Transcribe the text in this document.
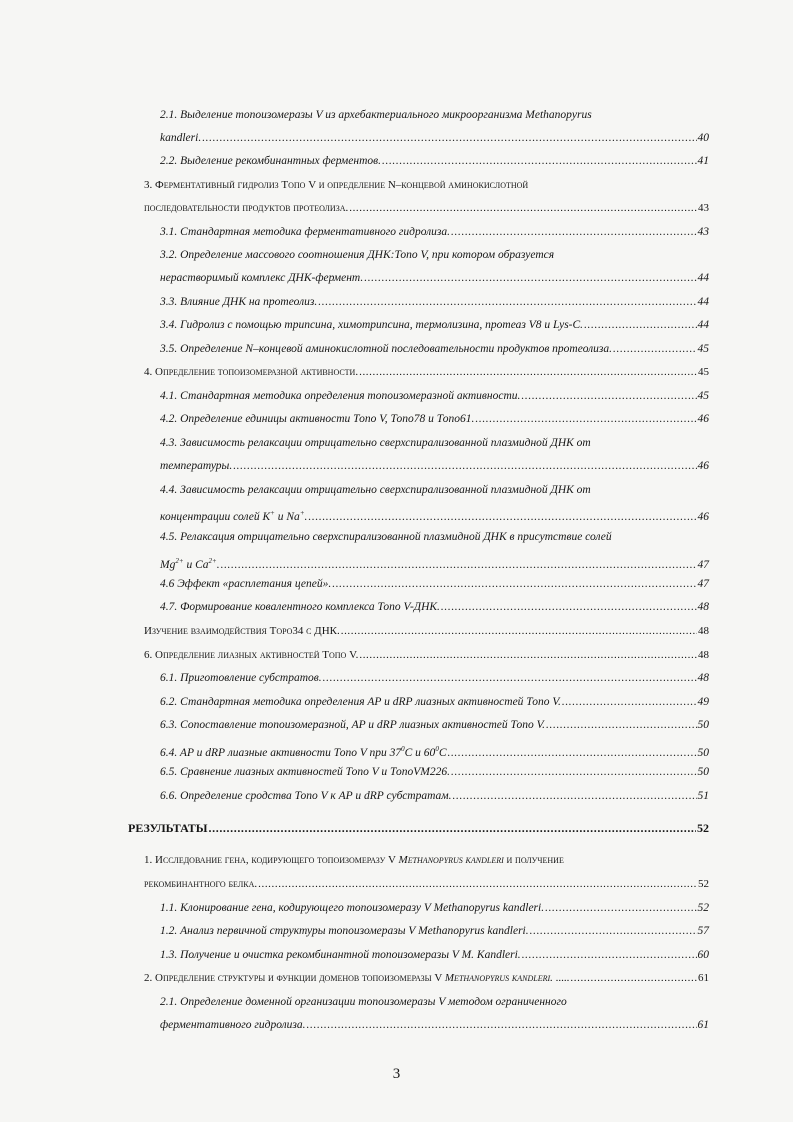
2.1. Выделение топоизомеразы V из архебактериального микроорганизма Methanopyrus
kandleri. .....	40
2.2. Выделение рекомбинантных ферментов. .....	41
3. Ферментативный гидролиз Топо V и определение N–концевой аминокислотной
последовательности продуктов протеолиза. .....	43
3.1. Стандартная методика ферментативного гидролиза. .....	43
3.2. Определение массового соотношения ДНК:Топо V, при котором образуется
нерастворимый комплекс ДНК-фермент. .....	44
3.3. Влияние ДНК на протеолиз. .....	44
3.4. Гидролиз с помощью трипсина, химотрипсина, термолизина, протеаз V8 и Lys-C. .....	44
3.5. Определение N–концевой аминокислотной последовательности продуктов протеолиза. .....	45
4. Определение топоизомеразной активности. .....	45
4.1. Стандартная методика определения топоизомеразной активности. .....	45
4.2. Определение единицы активности Топо V, Топо78 и Топо61. .....	46
4.3. Зависимость релаксации отрицательно сверхспирализованной плазмидной ДНК от
температуры. .....	46
4.4. Зависимость релаксации отрицательно сверхспирализованной плазмидной ДНК от
концентрации солей K+ и Na+. .....	46
4.5. Релаксация отрицательно сверхспирализованной плазмидной ДНК в присутствие солей
$Mg^{2+}$ и $Ca^{2+}$. .....	47
4.6 Эффект «расплетания цепей». .....	47
4.7. Формирование ковалентного комплекса Топо V-ДНК. .....	48
Изучение взаимодействия Topo34 с ДНК. .....	48
6. Определение лиазных активностей Топо V. .....	48
6.1. Приготовление субстратов. .....	48
6.2. Стандартная методика определения AP и dRP лиазных активностей Топо V. .....	49
6.3. Сопоставление топоизомеразной, AP и dRP лиазных активностей Топо V. .....	50
6.4. AP и dRP лиазные активности Топо V при $37^0C$ и $60^0C$ .....	50
6.5. Сравнение лиазных активностей Топо V и ТопоVM226. .....	50
6.6. Определение сродства Топо V к AP и dRP субстратам. .....	51
РЕЗУЛЬТАТЫ .....	52
1. Исследование гена, кодирующего топоизомеразу V Methanopyrus kandleri и получение
рекомбинантного белка. .....	52
1.1. Клонирование гена, кодирующего топоизомеразу V Methanopyrus kandleri. .....	52
1.2. Анализ первичной структуры топоизомеразы V Methanopyrus kandleri. .....	57
1.3. Получение и очистка рекомбинантной топоизомеразы V M. Kandleri. .....	60
2. Определение структуры и функции доменов топоизомеразы V Methanopyrus kandleri. ..... .....	61
2.1. Определение доменной организации топоизомеразы V методом ограниченного
ферментативного гидролиза. .....	61
3
